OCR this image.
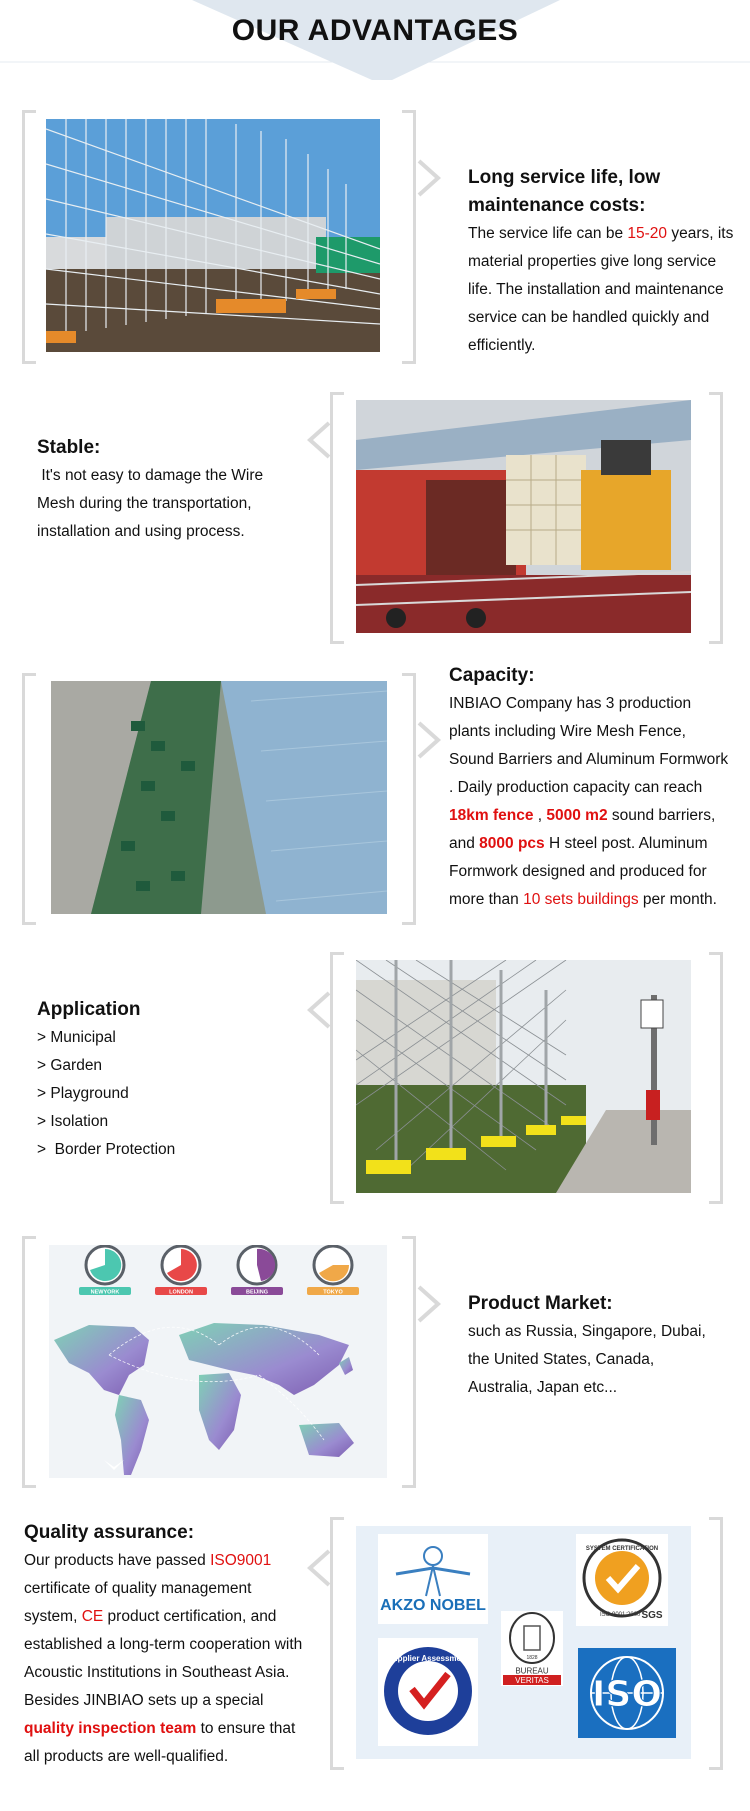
OUR ADVANTAGES
Long service life, low maintenance costs:
The service life can be 15-20 years, its material properties give long service life. The installation and maintenance service can be handled quickly and efficiently.
Stable:
It's not easy to damage the Wire Mesh during the transportation, installation and using process.
Capacity:
INBIAO Company has 3 production plants including Wire Mesh Fence, Sound Barriers and Aluminum Formwork . Daily production capacity can reach 18km fence , 5000 m2 sound barriers, and 8000 pcs H steel post. Aluminum Formwork designed and produced for more than 10 sets buildings per month.
Application
> Municipal
> Garden
> Playground
> Isolation
>  Border Protection
NEWYORK	LONDON	BEIJING	TOKYO
Product Market:
such as Russia, Singapore, Dubai, the United States, Canada, Australia, Japan etc...
AKZO NOBEL
SYSTEM CERTIFICATION
ISO 9001:2000 SGS
1828
BUREAU
VERITAS
Supplier Assessment
ISO
Quality assurance:
Our products have passed ISO9001 certificate of quality management system, CE product certification, and established a long-term cooperation with Acoustic Institutions in Southeast Asia. Besides JINBIAO sets up a special quality inspection team to ensure that all products are well-qualified.
